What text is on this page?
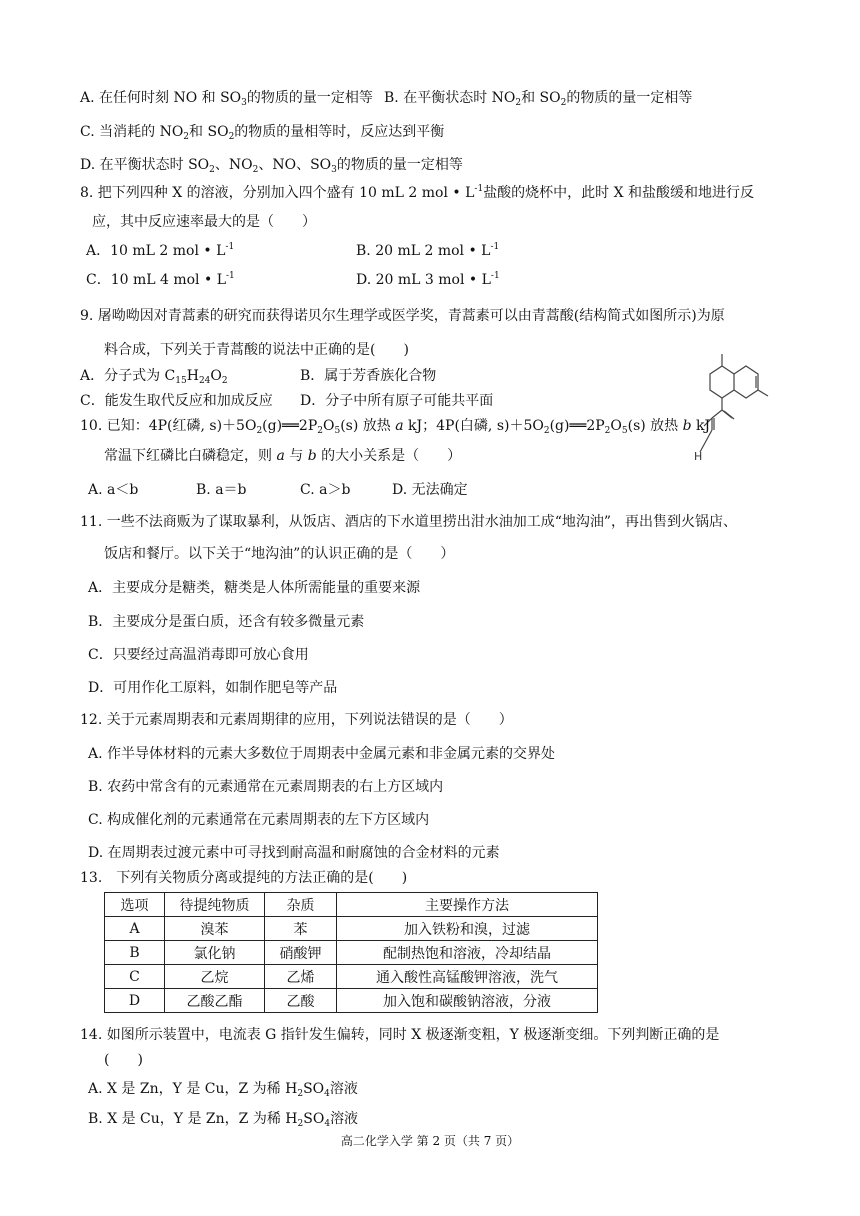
A. 在任何时刻 NO 和 $SO_3$的物质的量一定相等 B. 在平衡状态时 $NO_2$和 $SO_2$的物质的量一定相等
C. 当消耗的 $NO_2$和 $SO_2$的物质的量相等时，反应达到平衡
D. 在平衡状态时 $SO_2$、$NO_2$、NO、$SO_3$的物质的量一定相等
8. 把下列四种 X 的溶液，分别加入四个盛有 10 mL 2 mol • $L^{-1}$盐酸的烧杯中，此时 X 和盐酸缓和地进行反
应，其中反应速率最大的是（　　）
A．10 mL 2 mol • $L^{-1}$	B. 20 mL 2 mol • $L^{-1}$
C．10 mL 4 mol • $L^{-1}$	D. 20 mL 3 mol • $L^{-1}$
9. 屠呦呦因对青蒿素的研究而获得诺贝尔生理学或医学奖，青蒿素可以由青蒿酸(结构简式如图所示)为原
料合成，下列关于青蒿酸的说法中正确的是(　　)
A．分子式为 $C_{15}H_{24}O_2$	B．属于芳香族化合物
C．能发生取代反应和加成反应 D．分子中所有原子可能共平面
H
10. 已知：4P(红磷, $s)+5O_2(g)══2P_2O_5(s)$ 放热 a kJ；4P(白磷, $s)+5O_2(g)══2P_2O_5(s)$ 放热 b kJ
常温下红磷比白磷稳定，则 a 与 b 的大小关系是（　　）
A. a＜b	B. a＝b	C. a＞b	D. 无法确定
11. 一些不法商贩为了谋取暴利，从饭店、酒店的下水道里捞出泔水油加工成“地沟油”，再出售到火锅店、
饭店和餐厅。以下关于“地沟油”的认识正确的是（　　）
A．主要成分是糖类，糖类是人体所需能量的重要来源
B．主要成分是蛋白质，还含有较多微量元素
C．只要经过高温消毒即可放心食用
D．可用作化工原料，如制作肥皂等产品
12. 关于元素周期表和元素周期律的应用，下列说法错误的是（　　）
A. 作半导体材料的元素大多数位于周期表中金属元素和非金属元素的交界处
B. 农药中常含有的元素通常在元素周期表的右上方区域内
C. 构成催化剂的元素通常在元素周期表的左下方区域内
D. 在周期表过渡元素中可寻找到耐高温和耐腐蚀的合金材料的元素
13.　下列有关物质分离或提纯的方法正确的是(　　)
选项	待提纯物质	杂质	主要操作方法
A	溴苯	苯	加入铁粉和溴，过滤
B	氯化钠	硝酸钾	配制热饱和溶液，冷却结晶
C	乙烷	乙烯	通入酸性高锰酸钾溶液，洗气
D	乙酸乙酯	乙酸	加入饱和碳酸钠溶液，分液
14. 如图所示装置中，电流表 G 指针发生偏转，同时 X 极逐渐变粗，Y 极逐渐变细。下列判断正确的是
(　　)
A. X 是 Zn，Y 是 Cu，Z 为稀 $H_2SO_4$溶液
B. X 是 Cu，Y 是 Zn，Z 为稀 $H_2SO_4$溶液
高二化学入学 第 2 页（共 7 页）
